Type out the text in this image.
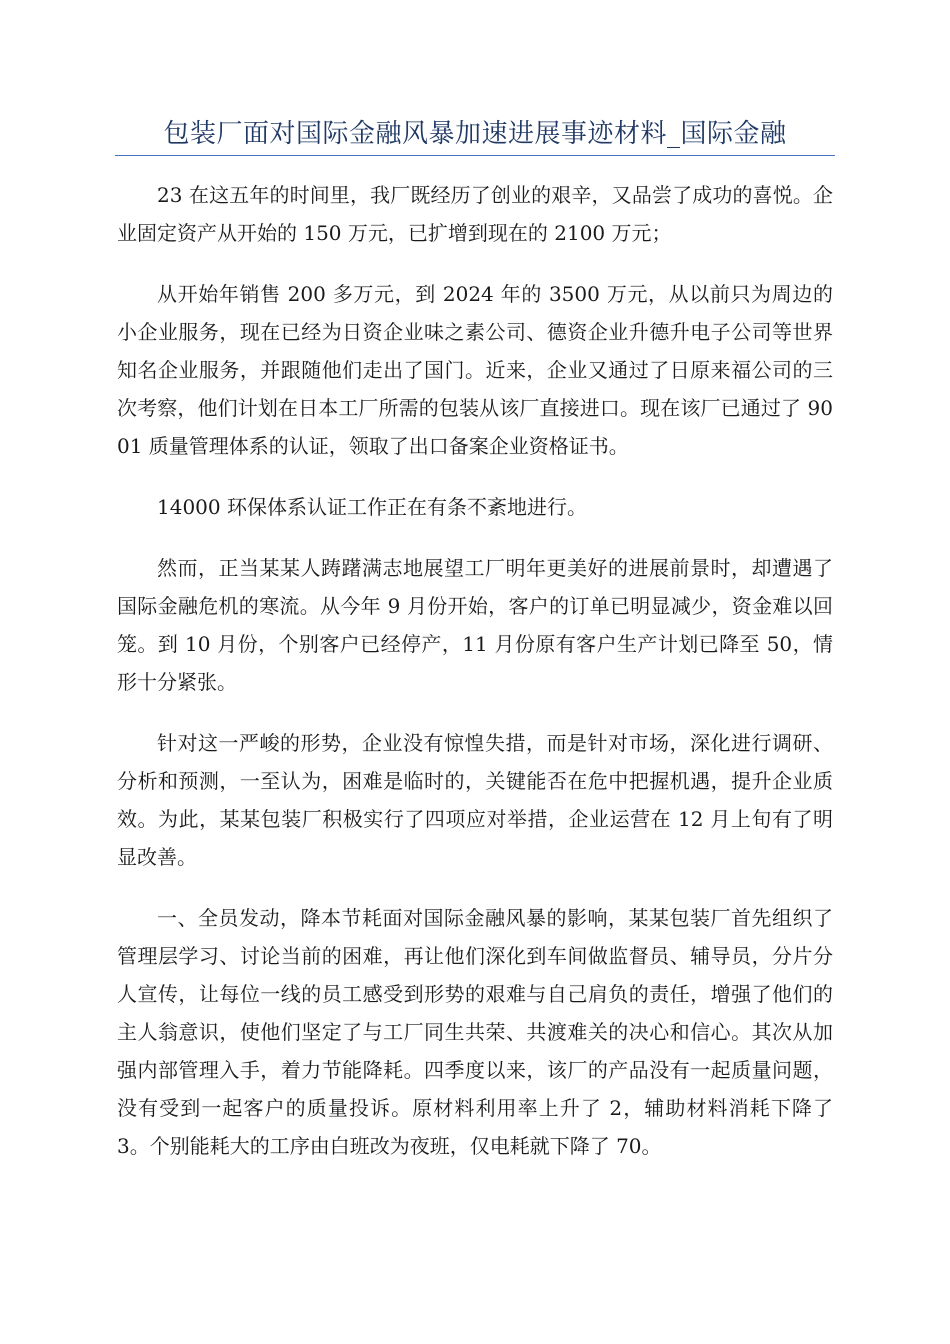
包装厂面对国际金融风暴加速进展事迹材料_国际金融

23 在这五年的时间里，我厂既经历了创业的艰辛，又品尝了成功的喜悦。企业固定资产从开始的 150 万元，已扩增到现在的 2100 万元；

从开始年销售 200 多万元，到 2024 年的 3500 万元，从以前只为周边的小企业服务，现在已经为日资企业味之素公司、德资企业升德升电子公司等世界知名企业服务，并跟随他们走出了国门。近来，企业又通过了日原来福公司的三次考察，他们计划在日本工厂所需的包装从该厂直接进口。现在该厂已通过了 9001 质量管理体系的认证，领取了出口备案企业资格证书。

14000 环保体系认证工作正在有条不紊地进行。

然而，正当某某人踌躇满志地展望工厂明年更美好的进展前景时，却遭遇了国际金融危机的寒流。从今年 9 月份开始，客户的订单已明显减少，资金难以回笼。到 10 月份，个别客户已经停产，11 月份原有客户生产计划已降至 50，情形十分紧张。

针对这一严峻的形势，企业没有惊惶失措，而是针对市场，深化进行调研、分析和预测，一至认为，困难是临时的，关键能否在危中把握机遇，提升企业质效。为此，某某包装厂积极实行了四项应对举措，企业运营在 12 月上旬有了明显改善。

一、全员发动，降本节耗面对国际金融风暴的影响，某某包装厂首先组织了管理层学习、讨论当前的困难，再让他们深化到车间做监督员、辅导员，分片分人宣传，让每位一线的员工感受到形势的艰难与自己肩负的责任，增强了他们的主人翁意识，使他们坚定了与工厂同生共荣、共渡难关的决心和信心。其次从加强内部管理入手，着力节能降耗。四季度以来，该厂的产品没有一起质量问题，没有受到一起客户的质量投诉。原材料利用率上升了 2，辅助材料消耗下降了 3。个别能耗大的工序由白班改为夜班，仅电耗就下降了 70。
